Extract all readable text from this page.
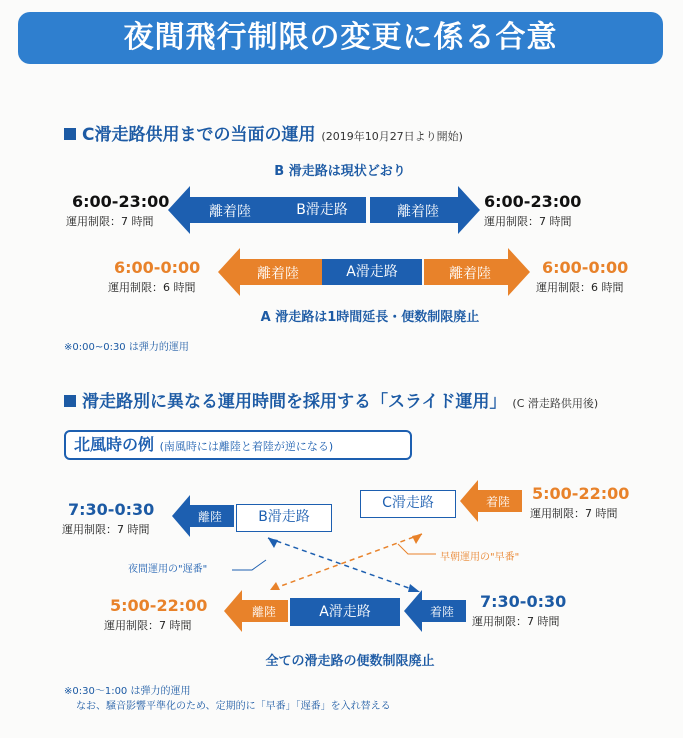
夜間飛行制限の変更に係る合意
C滑走路供用までの当面の運用 (2019年10月27日より開始)
B 滑走路は現状どおり
6:00-23:00
運用制限：7 時間
離着陸	B滑走路	離着陸
6:00-23:00
運用制限：7 時間
6:00-0:00
運用制限：6 時間
離着陸	A滑走路	離着陸	6:00-0:00
運用制限：6 時間
A 滑走路は1時間延長・便数制限廃止
※0:00~0:30 は弾力的運用
滑走路別に異なる運用時間を採用する「スライド運用」 (C 滑走路供用後)
北風時の例 (南風時には離陸と着陸が逆になる)
C滑走路	着陸 5:00-22:00
運用制限：7 時間
7:30-0:30
運用制限：7 時間
離陸	B滑走路
夜間運用の"遅番"
早朝運用の"早番"
5:00-22:00
運用制限：7 時間
離陸	A滑走路	着陸
7:30-0:30
運用制限：7 時間
全ての滑走路の便数制限廃止
※0:30～1:00 は弾力的運用
なお、騒音影響平準化のため、定期的に「早番」「遅番」を入れ替える
